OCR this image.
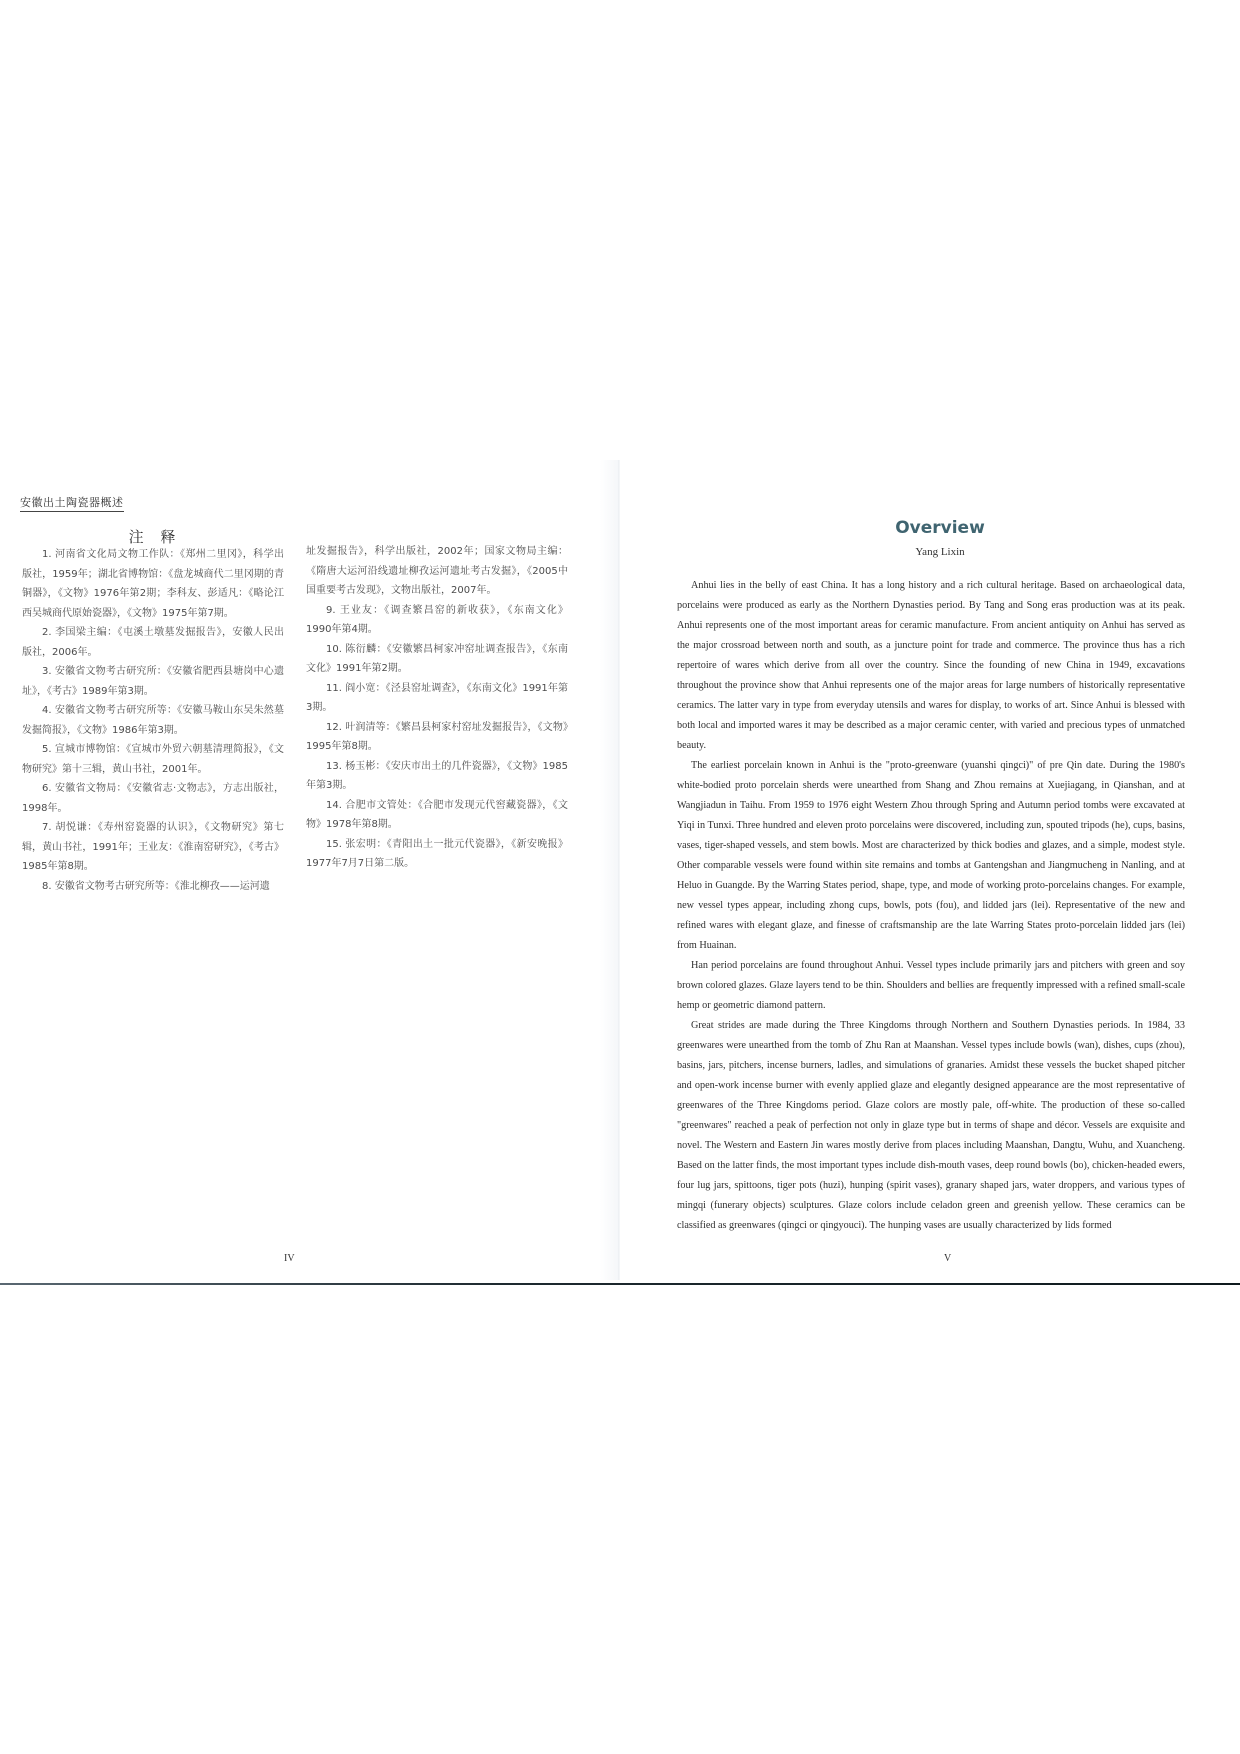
安徽出土陶瓷器概述
注 释

1. 河南省文化局文物工作队：《郑州二里冈》，科学出版社，1959年；湖北省博物馆：《盘龙城商代二里冈期的青铜器》，《文物》1976年第2期；李科友、彭适凡：《略论江西吴城商代原始瓷器》，《文物》1975年第7期。

2. 李国梁主编：《屯溪土墩墓发掘报告》，安徽人民出版社，2006年。

3. 安徽省文物考古研究所：《安徽省肥西县塘岗中心遗址》，《考古》1989年第3期。

4. 安徽省文物考古研究所等：《安徽马鞍山东吴朱然墓发掘简报》，《文物》1986年第3期。

5. 宣城市博物馆：《宣城市外贸六朝墓清理简报》，《文物研究》第十三辑，黄山书社，2001年。

6. 安徽省文物局：《安徽省志·文物志》，方志出版社，1998年。

7. 胡悦谦：《寿州窑瓷器的认识》，《文物研究》第七辑，黄山书社，1991年；王业友：《淮南窑研究》，《考古》1985年第8期。

8. 安徽省文物考古研究所等：《淮北柳孜——运河遗

址发掘报告》，科学出版社，2002年；国家文物局主编：《隋唐大运河沿线遗址柳孜运河遗址考古发掘》，《2005中国重要考古发现》，文物出版社，2007年。

9. 王业友：《调查繁昌窑的新收获》，《东南文化》1990年第4期。

10. 陈衍麟：《安徽繁昌柯家冲窑址调查报告》，《东南文化》1991年第2期。

11. 阎小宽：《泾县窑址调查》，《东南文化》1991年第3期。

12. 叶润清等：《繁昌县柯家村窑址发掘报告》，《文物》1995年第8期。

13. 杨玉彬：《安庆市出土的几件瓷器》，《文物》1985年第3期。

14. 合肥市文管处：《合肥市发现元代窖藏瓷器》，《文物》1978年第8期。

15. 张宏明：《青阳出土一批元代瓷器》，《新安晚报》1977年7月7日第二版。

IV
Overview
Yang Lixin

Anhui lies in the belly of east China. It has a long history and a rich cultural heritage. Based on archaeological data, porcelains were produced as early as the Northern Dynasties period. By Tang and Song eras production was at its peak. Anhui represents one of the most important areas for ceramic manufacture. From ancient antiquity on Anhui has served as the major crossroad between north and south, as a juncture point for trade and commerce. The province thus has a rich repertoire of wares which derive from all over the country. Since the founding of new China in 1949, excavations throughout the province show that Anhui represents one of the major areas for large numbers of historically representative ceramics. The latter vary in type from everyday utensils and wares for display, to works of art. Since Anhui is blessed with both local and imported wares it may be described as a major ceramic center, with varied and precious types of unmatched beauty.

The earliest porcelain known in Anhui is the "proto-greenware (yuanshi qingci)" of pre Qin date. During the 1980's white-bodied proto porcelain sherds were unearthed from Shang and Zhou remains at Xuejiagang, in Qianshan, and at Wangjiadun in Taihu. From 1959 to 1976 eight Western Zhou through Spring and Autumn period tombs were excavated at Yiqi in Tunxi. Three hundred and eleven proto porcelains were discovered, including zun, spouted tripods (he), cups, basins, vases, tiger-shaped vessels, and stem bowls. Most are characterized by thick bodies and glazes, and a simple, modest style. Other comparable vessels were found within site remains and tombs at Gantengshan and Jiangmucheng in Nanling, and at Heluo in Guangde. By the Warring States period, shape, type, and mode of working proto-porcelains changes. For example, new vessel types appear, including zhong cups, bowls, pots (fou), and lidded jars (lei). Representative of the new and refined wares with elegant glaze, and finesse of craftsmanship are the late Warring States proto-porcelain lidded jars (lei) from Huainan.

Han period porcelains are found throughout Anhui. Vessel types include primarily jars and pitchers with green and soy brown colored glazes. Glaze layers tend to be thin. Shoulders and bellies are frequently impressed with a refined small-scale hemp or geometric diamond pattern.

Great strides are made during the Three Kingdoms through Northern and Southern Dynasties periods. In 1984, 33 greenwares were unearthed from the tomb of Zhu Ran at Maanshan. Vessel types include bowls (wan), dishes, cups (zhou), basins, jars, pitchers, incense burners, ladles, and simulations of granaries. Amidst these vessels the bucket shaped pitcher and open-work incense burner with evenly applied glaze and elegantly designed appearance are the most representative of greenwares of the Three Kingdoms period. Glaze colors are mostly pale, off-white. The production of these so-called "greenwares" reached a peak of perfection not only in glaze type but in terms of shape and décor. Vessels are exquisite and novel. The Western and Eastern Jin wares mostly derive from places including Maanshan, Dangtu, Wuhu, and Xuancheng. Based on the latter finds, the most important types include dish-mouth vases, deep round bowls (bo), chicken-headed ewers, four lug jars, spittoons, tiger pots (huzi), hunping (spirit vases), granary shaped jars, water droppers, and various types of mingqi (funerary objects) sculptures. Glaze colors include celadon green and greenish yellow. These ceramics can be classified as greenwares (qingci or qingyouci). The hunping vases are usually characterized by lids formed

V
